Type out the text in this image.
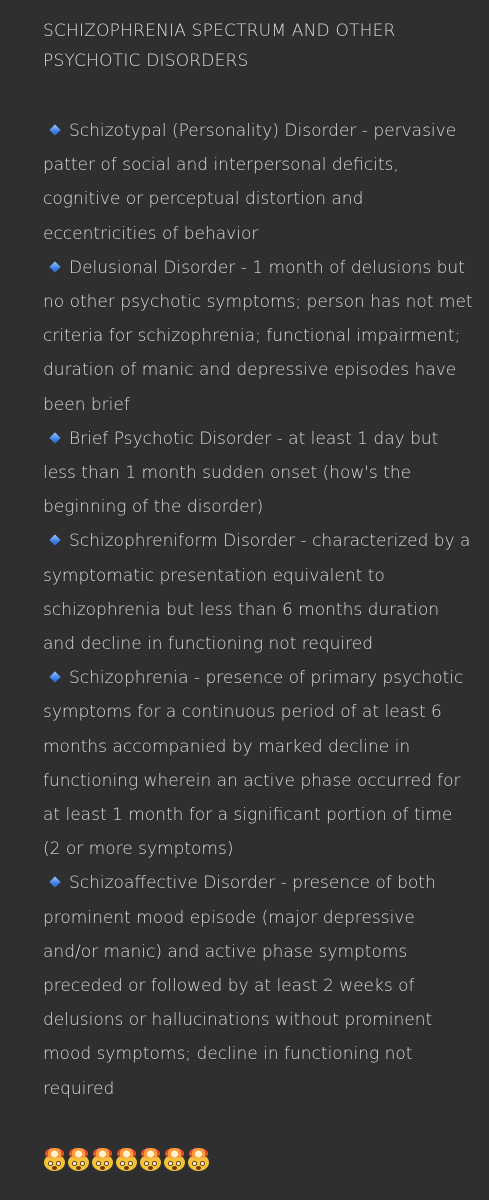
SCHIZOPHRENIA SPECTRUM AND OTHER PSYCHOTIC DISORDERS
Schizotypal (Personality) Disorder - pervasive patter of social and interpersonal deficits, cognitive or perceptual distortion and eccentricities of behavior
Delusional Disorder - 1 month of delusions but no other psychotic symptoms; person has not met criteria for schizophrenia; functional impairment; duration of manic and depressive episodes have been brief
Brief Psychotic Disorder - at least 1 day but less than 1 month sudden onset (how's the beginning of the disorder)
Schizophreniform Disorder - characterized by a symptomatic presentation equivalent to schizophrenia but less than 6 months duration and decline in functioning not required
Schizophrenia - presence of primary psychotic symptoms for a continuous period of at least 6 months accompanied by marked decline in functioning wherein an active phase occurred for at least 1 month for a significant portion of time (2 or more symptoms)
Schizoaffective Disorder - presence of both prominent mood episode (major depressive and/or manic) and active phase symptoms preceded or followed by at least 2 weeks of delusions or hallucinations without prominent mood symptoms; decline in functioning not required
